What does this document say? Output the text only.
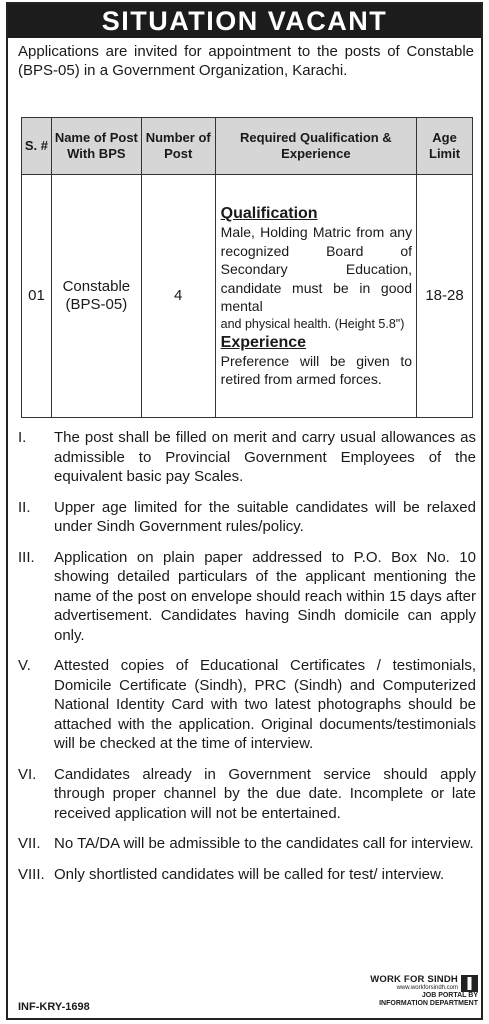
SITUATION VACANT

Applications are invited for appointment to the posts of Constable (BPS-05) in a Government Organization, Karachi.

S. #	Name of Post With BPS	Number of Post	Required Qualification & Experience	Age Limit
01	Constable (BPS-05)	4	Qualification
Male, Holding Matric from any recognized Board of Secondary Education, candidate must be in good mental
and physical health. (Height 5.8")
Experience
Preference will be given to retired from armed forces.	18-28
I.	The post shall be filled on merit and carry usual allowances as admissible to Provincial Government Employees of the equivalent basic pay Scales.
II.	Upper age limited for the suitable candidates will be relaxed under Sindh Government rules/policy.
III.	Application on plain paper addressed to P.O. Box No. 10 showing detailed particulars of the applicant mentioning the name of the post on envelope should reach within 15 days after advertisement. Candidates having Sindh domicile can apply only.
V.	Attested copies of Educational Certificates / testimonials, Domicile Certificate (Sindh), PRC (Sindh) and Computerized National Identity Card with two latest photographs should be attached with the application. Original documents/testimonials will be checked at the time of interview.
VI.	Candidates already in Government service should apply through proper channel by the due date. Incomplete or late received application will not be entertained.
VII. No TA/DA will be admissible to the candidates call for interview.
VIII. Only shortlisted candidates will be called for test/ interview.
INF-KRY-1698
WORK FOR SINDH
www.workforsindh.com
JOB PORTAL BY
INFORMATION DEPARTMENT
